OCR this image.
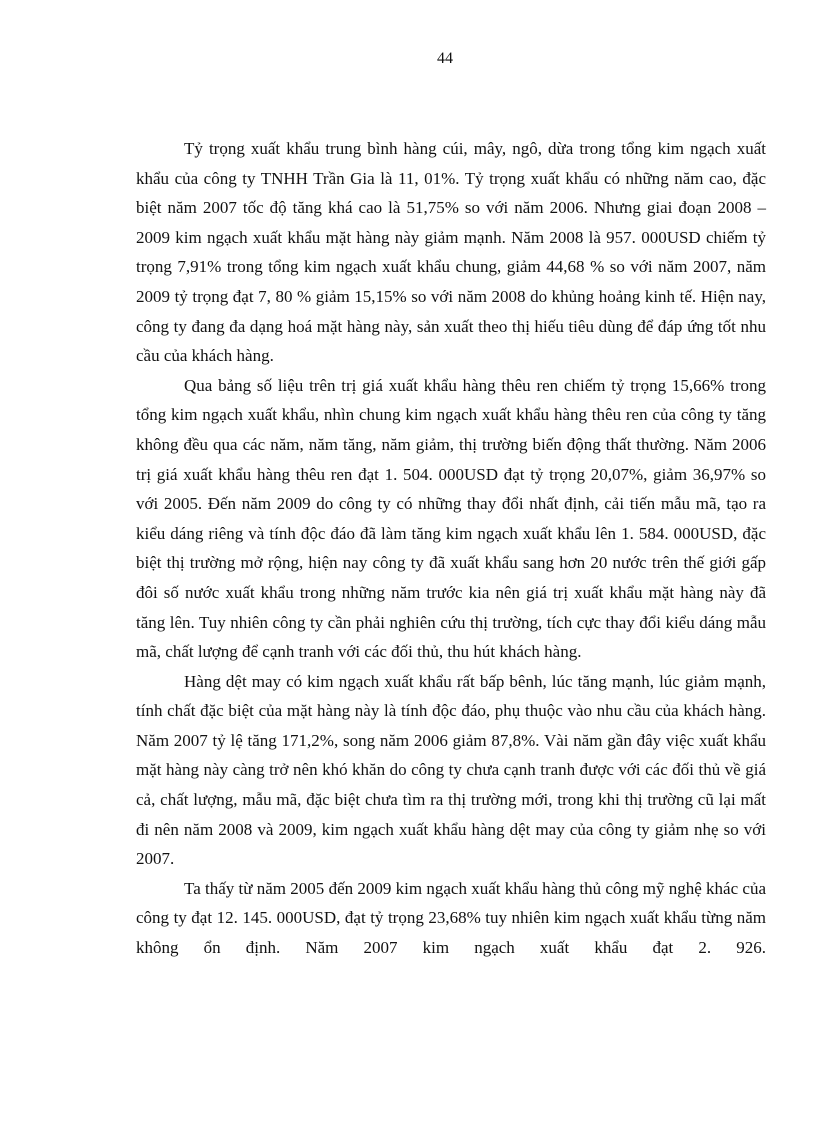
44

Tỷ trọng xuất khẩu trung bình hàng cúi, mây, ngô, dừa trong tổng kim ngạch xuất khẩu của công ty TNHH Trần Gia là 11, 01%. Tỷ trọng xuất khẩu có những năm cao, đặc biệt năm 2007 tốc độ tăng khá cao là 51,75% so với năm 2006. Nhưng giai đoạn 2008 – 2009 kim ngạch xuất khẩu mặt hàng này giảm mạnh. Năm 2008 là 957. 000USD chiếm tỷ trọng 7,91% trong tổng kim ngạch xuất khẩu chung, giảm 44,68 % so với năm 2007, năm 2009 tỷ trọng đạt 7, 80 % giảm 15,15% so với năm 2008 do khủng hoảng kinh tế. Hiện nay, công ty đang đa dạng hoá mặt hàng này, sản xuất theo thị hiếu tiêu dùng để đáp ứng tốt nhu cầu của khách hàng.

Qua bảng số liệu trên trị giá xuất khẩu hàng thêu ren chiếm tỷ trọng 15,66% trong tổng kim ngạch xuất khẩu, nhìn chung kim ngạch xuất khẩu hàng thêu ren của công ty tăng không đều qua các năm, năm tăng, năm giảm, thị trường biến động thất thường. Năm 2006 trị giá xuất khẩu hàng thêu ren đạt 1. 504. 000USD đạt tỷ trọng 20,07%, giảm 36,97% so với 2005. Đến năm 2009 do công ty có những thay đổi nhất định, cải tiến mẫu mã, tạo ra kiểu dáng riêng và tính độc đáo đã làm tăng kim ngạch xuất khẩu lên 1. 584. 000USD, đặc biệt thị trường mở rộng, hiện nay công ty đã xuất khẩu sang hơn 20 nước trên thế giới gấp đôi số nước xuất khẩu trong những năm trước kia nên giá trị xuất khẩu mặt hàng này đã tăng lên. Tuy nhiên công ty cần phải nghiên cứu thị trường, tích cực thay đổi kiểu dáng mẫu mã, chất lượng để cạnh tranh với các đối thủ, thu hút khách hàng.

Hàng dệt may có kim ngạch xuất khẩu rất bấp bênh, lúc tăng mạnh, lúc giảm mạnh, tính chất đặc biệt của mặt hàng này là tính độc đáo, phụ thuộc vào nhu cầu của khách hàng. Năm 2007 tỷ lệ tăng 171,2%, song năm 2006 giảm 87,8%. Vài năm gần đây việc xuất khẩu mặt hàng này càng trở nên khó khăn do công ty chưa cạnh tranh được với các đối thủ về giá cả, chất lượng, mẫu mã, đặc biệt chưa tìm ra thị trường mới, trong khi thị trường cũ lại mất đi nên năm 2008 và 2009, kim ngạch xuất khẩu hàng dệt may của công ty giảm nhẹ so với 2007.

Ta thấy từ năm 2005 đến 2009 kim ngạch xuất khẩu hàng thủ công mỹ nghệ khác của công ty đạt 12. 145. 000USD, đạt tỷ trọng 23,68% tuy nhiên kim ngạch xuất khẩu từng năm không ổn định. Năm 2007 kim ngạch xuất khẩu đạt 2. 926.
